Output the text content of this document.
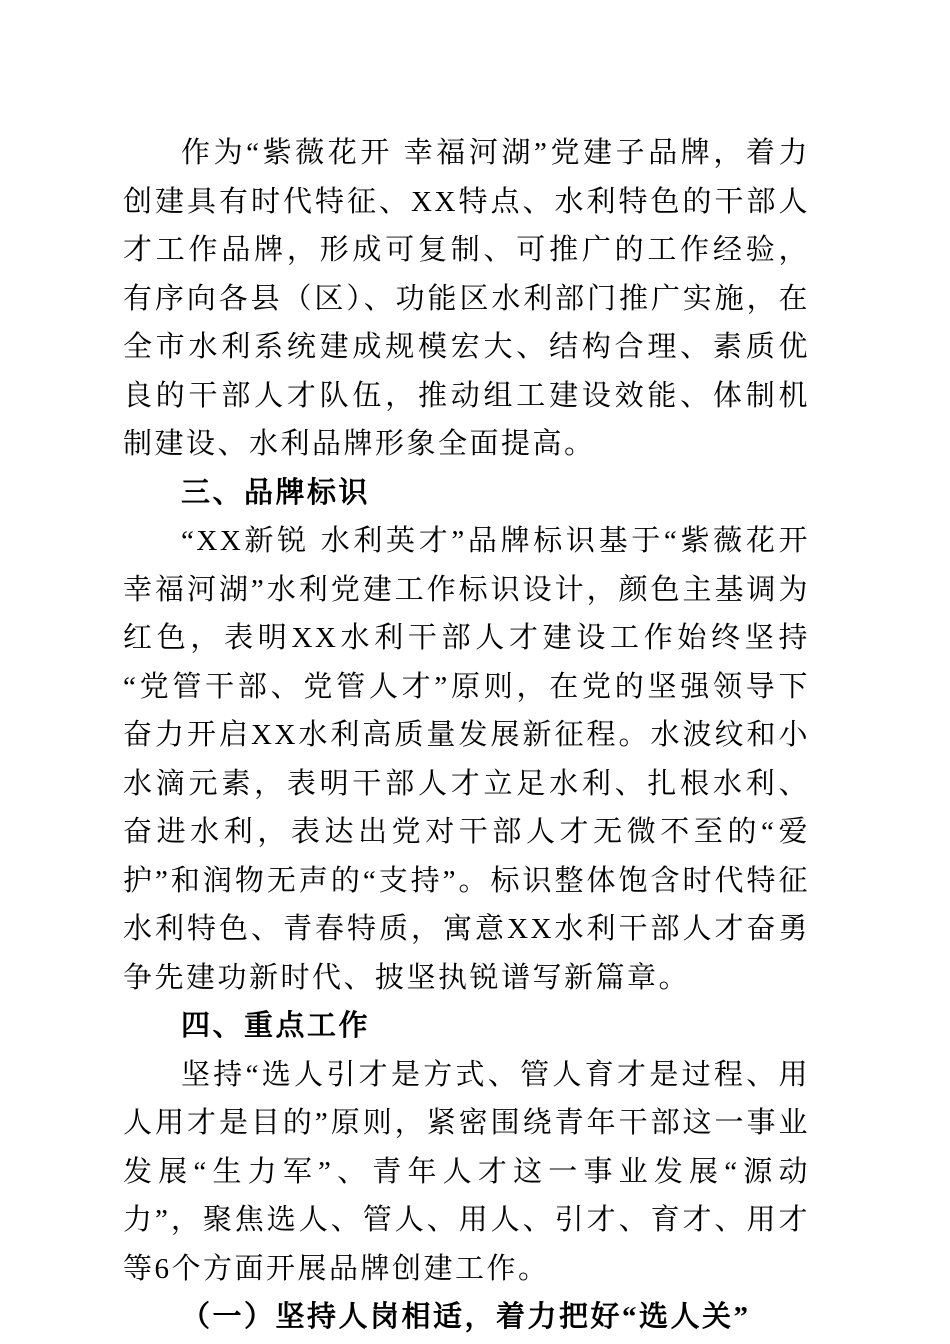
作为“紫薇花开 幸福河湖”党建子品牌，着力创建具有时代特征、XX特点、水利特色的干部人才工作品牌，形成可复制、可推广的工作经验，有序向各县（区）、功能区水利部门推广实施，在全市水利系统建成规模宏大、结构合理、素质优良的干部人才队伍，推动组工建设效能、体制机制建设、水利品牌形象全面提高。

三、品牌标识

“XX新锐 水利英才”品牌标识基于“紫薇花开 幸福河湖”水利党建工作标识设计，颜色主基调为红色，表明XX水利干部人才建设工作始终坚持“党管干部、党管人才”原则，在党的坚强领导下奋力开启XX水利高质量发展新征程。水波纹和小水滴元素，表明干部人才立足水利、扎根水利、奋进水利，表达出党对干部人才无微不至的“爱护”和润物无声的“支持”。标识整体饱含时代特征水利特色、青春特质，寓意XX水利干部人才奋勇争先建功新时代、披坚执锐谱写新篇章。

四、重点工作

坚持“选人引才是方式、管人育才是过程、用人用才是目的”原则，紧密围绕青年干部这一事业发展“生力军”、青年人才这一事业发展“源动力”，聚焦选人、管人、用人、引才、育才、用才等6个方面开展品牌创建工作。

（一）坚持人岗相适，着力把好“选人关”
